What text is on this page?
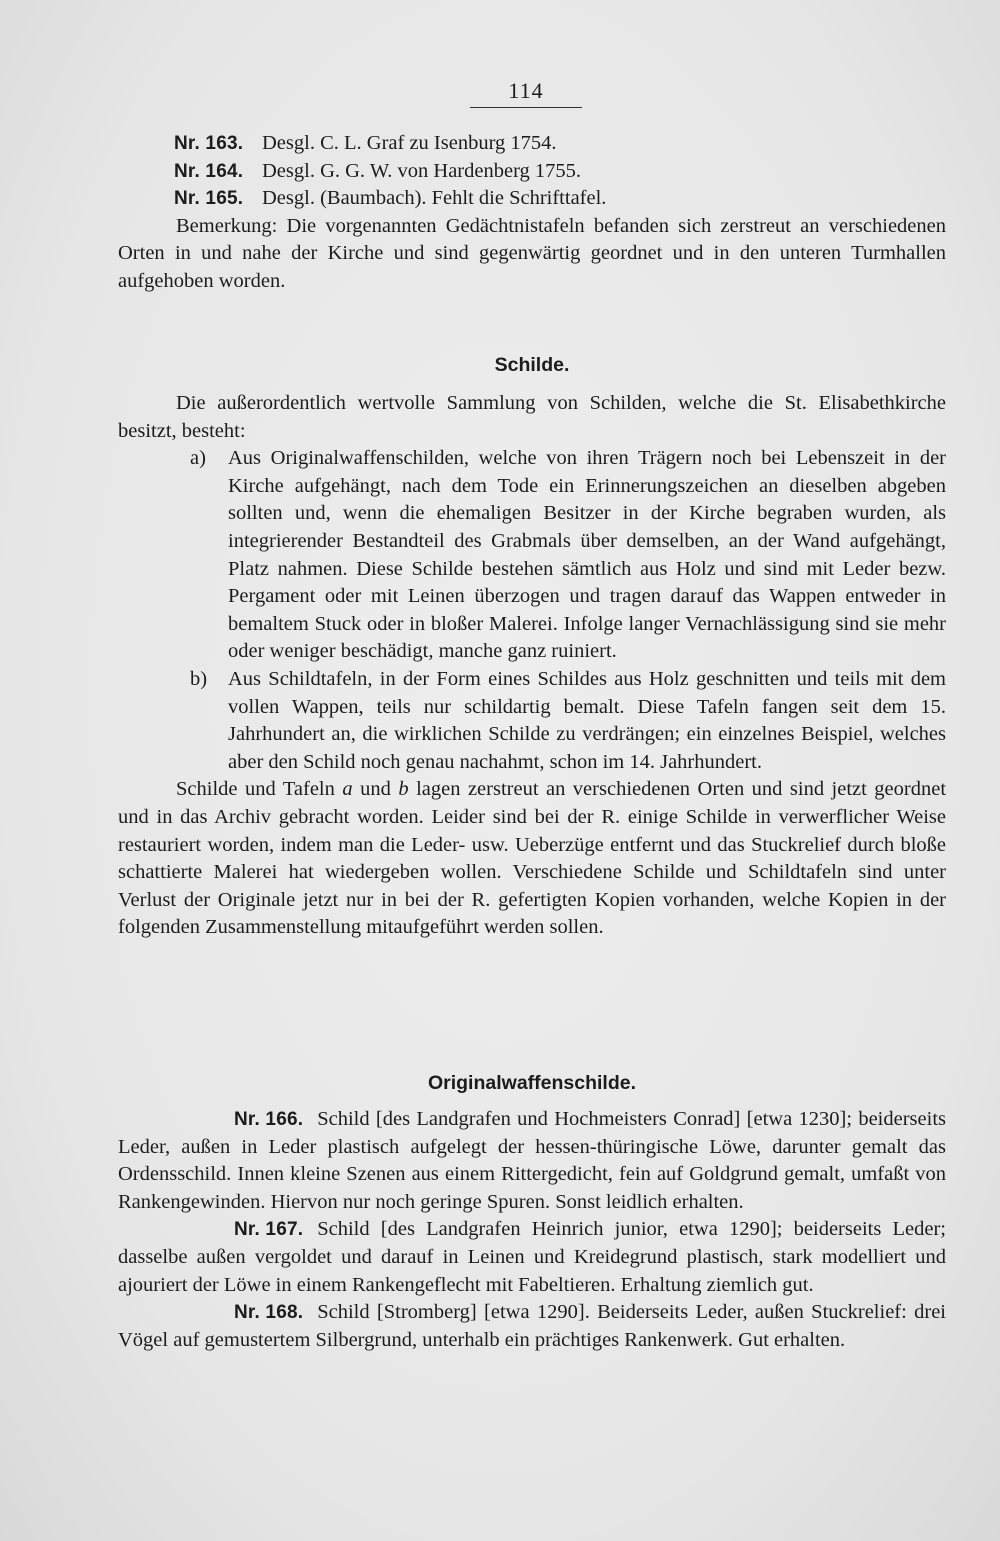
114

Nr. 163. Desgl. C. L. Graf zu Isenburg 1754.

Nr. 164. Desgl. G. G. W. von Hardenberg 1755.

Nr. 165. Desgl. (Baumbach). Fehlt die Schrifttafel.

Bemerkung: Die vorgenannten Gedächtnistafeln befanden sich zerstreut an verschiedenen Orten in und nahe der Kirche und sind gegenwärtig geordnet und in den unteren Turmhallen aufgehoben worden.

Schilde.

Die außerordentlich wertvolle Sammlung von Schilden, welche die St. Elisabethkirche besitzt, besteht:

a)	Aus Originalwaffenschilden, welche von ihren Trägern noch bei Lebenszeit in der Kirche aufgehängt, nach dem Tode ein Erinnerungszeichen an dieselben abgeben sollten und, wenn die ehemaligen Besitzer in der Kirche begraben wurden, als integrierender Bestandteil des Grabmals über demselben, an der Wand aufgehängt, Platz nahmen. Diese Schilde bestehen sämtlich aus Holz und sind mit Leder bezw. Pergament oder mit Leinen überzogen und tragen darauf das Wappen entweder in bemaltem Stuck oder in bloßer Malerei. Infolge langer Vernachlässigung sind sie mehr oder weniger beschädigt, manche ganz ruiniert.
b)	Aus Schildtafeln, in der Form eines Schildes aus Holz geschnitten und teils mit dem vollen Wappen, teils nur schildartig bemalt. Diese Tafeln fangen seit dem 15. Jahrhundert an, die wirklichen Schilde zu verdrängen; ein einzelnes Beispiel, welches aber den Schild noch genau nachahmt, schon im 14. Jahrhundert.

Schilde und Tafeln a und b lagen zerstreut an verschiedenen Orten und sind jetzt geordnet und in das Archiv gebracht worden. Leider sind bei der R. einige Schilde in verwerflicher Weise restauriert worden, indem man die Leder- usw. Ueberzüge entfernt und das Stuckrelief durch bloße schattierte Malerei hat wiedergeben wollen. Verschiedene Schilde und Schildtafeln sind unter Verlust der Originale jetzt nur in bei der R. gefertigten Kopien vorhanden, welche Kopien in der folgenden Zusammenstellung mitaufgeführt werden sollen.

Originalwaffenschilde.

Nr. 166. Schild [des Landgrafen und Hochmeisters Conrad] [etwa 1230]; beiderseits Leder, außen in Leder plastisch aufgelegt der hessen-thüringische Löwe, darunter gemalt das Ordensschild. Innen kleine Szenen aus einem Rittergedicht, fein auf Goldgrund gemalt, umfaßt von Rankengewinden. Hiervon nur noch geringe Spuren. Sonst leidlich erhalten.

Nr. 167. Schild [des Landgrafen Heinrich junior, etwa 1290]; beiderseits Leder; dasselbe außen vergoldet und darauf in Leinen und Kreidegrund plastisch, stark modelliert und ajouriert der Löwe in einem Rankengeflecht mit Fabeltieren. Erhaltung ziemlich gut.

Nr. 168. Schild [Stromberg] [etwa 1290]. Beiderseits Leder, außen Stuckrelief: drei Vögel auf gemustertem Silbergrund, unterhalb ein prächtiges Rankenwerk. Gut erhalten.
